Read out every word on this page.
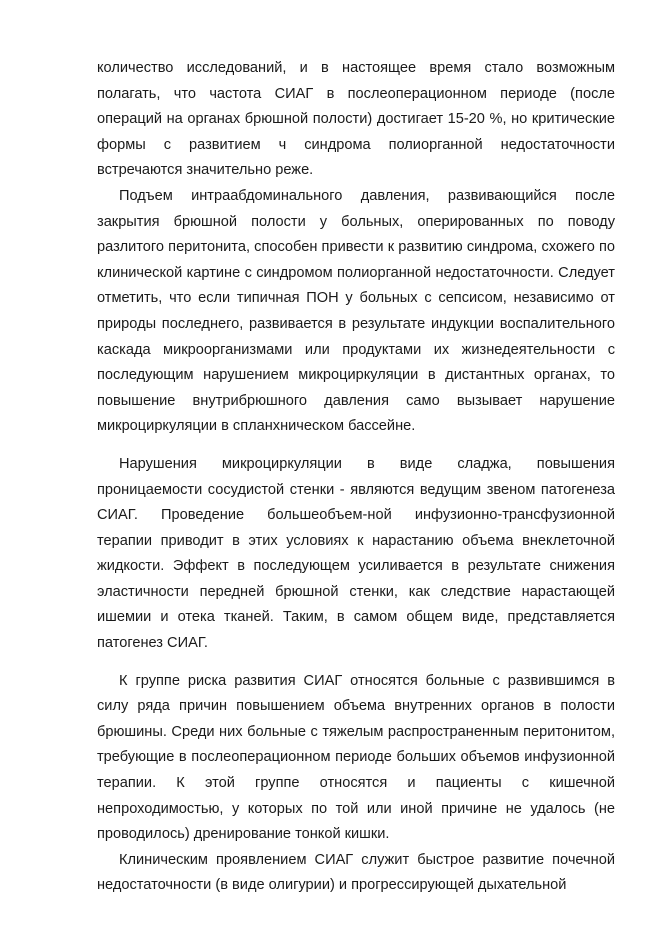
количество исследований, и в настоящее время стало возможным полагать, что частота СИАГ в послеоперационном периоде (после операций на органах брюшной полости) достигает 15-20 %, но критические формы с развитием ч синдрома полиорганной недостаточности встречаются значительно реже.

Подъем интраабдоминального давления, развивающийся после закрытия брюшной полости у больных, оперированных по поводу разлитого перитонита, способен привести к развитию синдрома, схожего по клинической картине с синдромом полиорганной недостаточности. Следует отметить, что если типичная ПОН у больных с сепсисом, независимо от природы последнего, развивается в результате индукции воспалительного каскада микроорганизмами или продуктами их жизнедеятельности с последующим нарушением микроциркуляции в дистантных органах, то повышение внутрибрюшного давления само вызывает нарушение микроциркуляции в спланхническом бассейне.

Нарушения микроциркуляции в виде сладжа, повышения проницаемости сосудистой стенки - являются ведущим звеном патогенеза СИАГ. Проведение большеобъем-ной инфузионно-трансфузионной терапии приводит в этих условиях к нарастанию объема внеклеточной жидкости. Эффект в последующем усиливается в результате снижения эластичности передней брюшной стенки, как следствие нарастающей ишемии и отека тканей. Таким, в самом общем виде, представляется патогенез СИАГ.

К группе риска развития СИАГ относятся больные с развившимся в силу ряда причин повышением объема внутренних органов в полости брюшины. Среди них больные с тяжелым распространенным перитонитом, требующие в послеоперационном периоде больших объемов инфузионной терапии. К этой группе относятся и пациенты с кишечной непроходимостью, у которых по той или иной причине не удалось (не проводилось) дренирование тонкой кишки.

Клиническим проявлением СИАГ служит быстрое развитие почечной недостаточности (в виде олигурии) и прогрессирующей дыхательной
